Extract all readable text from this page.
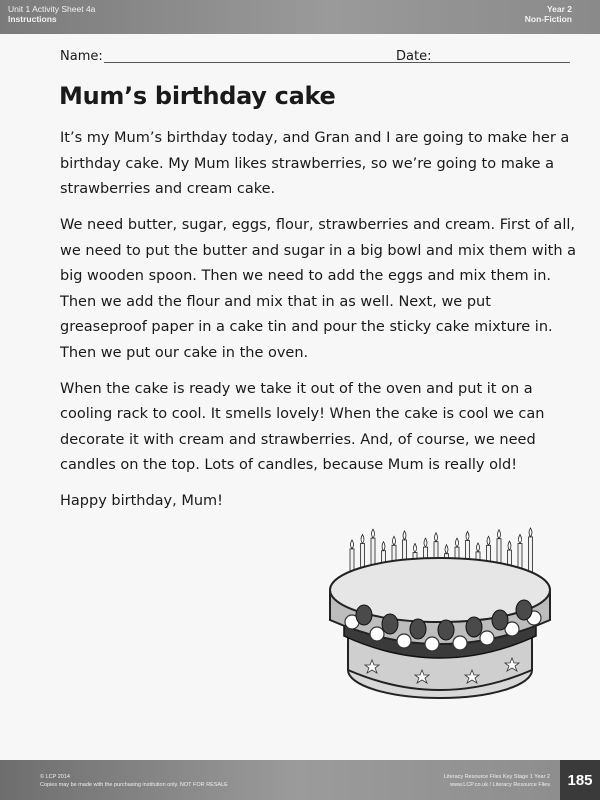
Unit 1 Activity Sheet 4a
Instructions
Year 2
Non-Fiction
Name:	Date:
Mum’s birthday cake

It’s my Mum’s birthday today, and Gran and I are going to make her a birthday cake. My Mum likes strawberries, so we’re going to make a strawberries and cream cake.

We need butter, sugar, eggs, flour, strawberries and cream. First of all, we need to put the butter and sugar in a big bowl and mix them with a big wooden spoon. Then we need to add the eggs and mix them in. Then we add the flour and mix that in as well. Next, we put greaseproof paper in a cake tin and pour the sticky cake mixture in. Then we put our cake in the oven.

When the cake is ready we take it out of the oven and put it on a cooling rack to cool. It smells lovely! When the cake is cool we can decorate it with cream and strawberries. And, of course, we need candles on the top. Lots of candles, because Mum is really old!

Happy birthday, Mum!

© LCP 2014
Copies may be made with the purchasing institution only. NOT FOR RESALE
Literacy Resource Files Key Stage 1 Year 2
www.LCP.co.uk / Literacy Resource Files	185
